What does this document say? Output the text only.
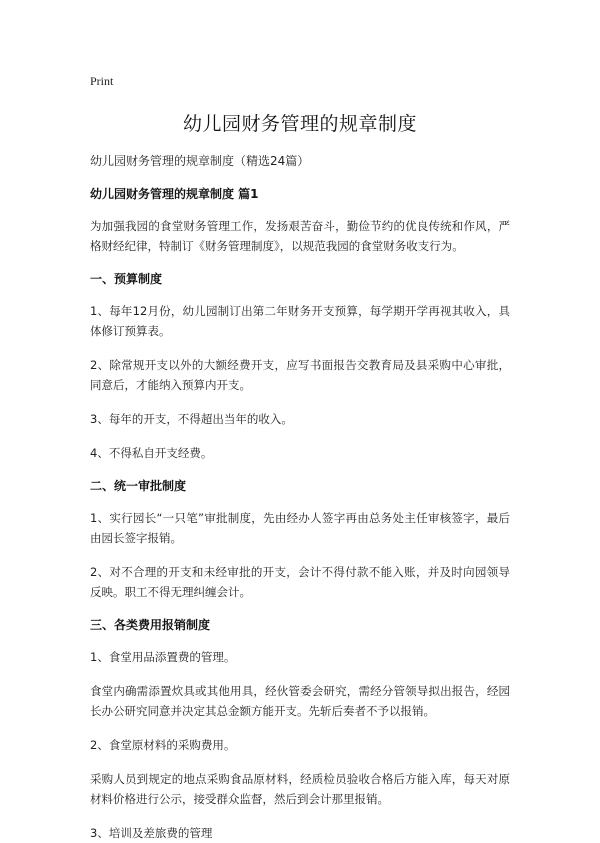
Print
幼儿园财务管理的规章制度
幼儿园财务管理的规章制度（精选24篇）
幼儿园财务管理的规章制度 篇1

为加强我园的食堂财务管理工作，发扬艰苦奋斗，勤俭节约的优良传统和作风，严格财经纪律，特制订《财务管理制度》，以规范我园的食堂财务收支行为。

一、预算制度

1、每年12月份，幼儿园制订出第二年财务开支预算，每学期开学再视其收入，具体修订预算表。

2、除常规开支以外的大额经费开支，应写书面报告交教育局及县采购中心审批，同意后，才能纳入预算内开支。

3、每年的开支，不得超出当年的收入。

4、不得私自开支经费。

二、统一审批制度

1、实行园长“一只笔”审批制度，先由经办人签字再由总务处主任审核签字，最后由园长签字报销。

2、对不合理的开支和未经审批的开支，会计不得付款不能入账，并及时向园领导反映。职工不得无理纠缠会计。

三、各类费用报销制度

1、食堂用品添置费的管理。

食堂内确需添置炊具或其他用具，经伙管委会研究，需经分管领导拟出报告，经园长办公研究同意并决定其总金额方能开支。先斩后奏者不予以报销。

2、食堂原材料的采购费用。

采购人员到规定的地点采购食品原材料，经质检员验收合格后方能入库，每天对原材料价格进行公示，接受群众监督，然后到会计那里报销。

3、培训及差旅费的管理
